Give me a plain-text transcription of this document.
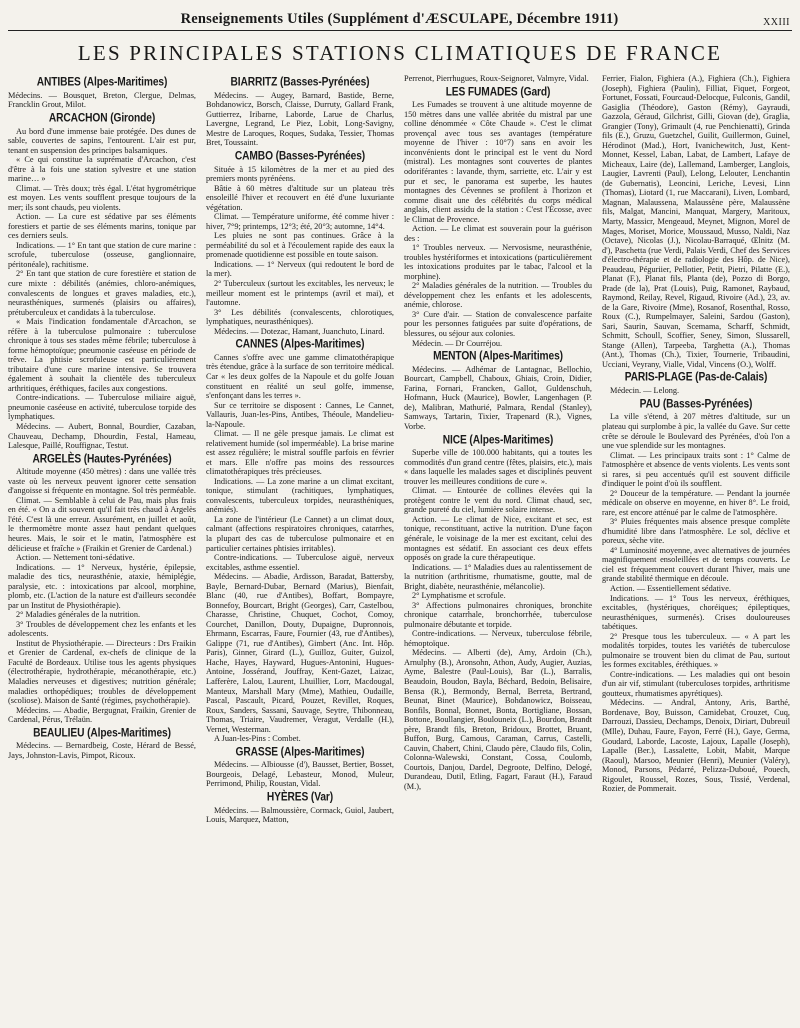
Renseignements Utiles (Supplément d'ÆSCULAPE, Décembre 1911)	XXIII
LES PRINCIPALES STATIONS CLIMATIQUES DE FRANCE
ANTIBES (Alpes-Maritimes)

Médecins. — Bousquet, Breton, Clergue, Delmas, Francklin Grout, Milot.

ARCACHON (Gironde)

Au bord d'une immense baie protégée. Des dunes de sable, couvertes de sapins, l'entourent. L'air est pur, tenant en suspension des principes balsamiques.

« Ce qui constitue la suprématie d'Arcachon, c'est d'être à la fois une station sylvestre et une station marine… »

Climat. — Très doux; très égal. L'état hygrométrique est moyen. Les vents soufflent presque toujours de la mer; ils sont chauds, peu violents.

Action. — La cure est sédative par ses éléments forestiers et partie de ses éléments marins, tonique par ces derniers seuls.

Indications. — 1° En tant que station de cure marine : scrofule, tuberculose (osseuse, ganglionnaire, péritonéale), rachitisme.

2° En tant que station de cure forestière et station de cure mixte : débilités (anémies, chloro-anémiques, convalescents de longues et graves maladies, etc.), neurasthéniques, surmenés (plaisirs ou affaires), prétuberculeux et candidats à la tuberculose.

« Mais l'indication fondamentale d'Arcachon, se réfère à la tuberculose pulmonaire : tuberculose chronique à tous ses stades même fébrile; tuberculose à forme hémoptoïque; pneumonie caséeuse en période de trêve. La phtisie scrofuleuse est particulièrement tributaire d'une cure marine intensive. Se trouvera également à souhait la clientèle des tuberculeux arthritiques, éréthiques, faciles aux congestions.

Contre-indications. — Tuberculose miliaire aiguë, pneumonie caséeuse en activité, tuberculose torpide des lymphatiques.

Médecins. — Aubert, Bonnal, Bourdier, Cazaban, Chauveau, Dechamp, Dhourdin, Festal, Hameau, Lalesque, Paillé, Rouffignac, Testut.

ARGELÈS (Hautes-Pyrénées)

Altitude moyenne (450 mètres) : dans une vallée très vaste où les nerveux peuvent ignorer cette sensation d'angoisse si fréquente en montagne. Sol très perméable.

Climat. — Semblable à celui de Pau, mais plus frais en été. « On a dit souvent qu'il fait très chaud à Argelès l'été. C'est là une erreur. Assurément, en juillet et août, le thermomètre monte assez haut pendant quelques heures. Mais, le soir et le matin, l'atmosphère est délicieuse et fraîche » (Fraikin et Grenier de Cardenal.)

Action. — Nettement toni-sédative.

Indications. — 1° Nerveux, hystérie, épilepsie, maladie des tics, neurasthénie, ataxie, hémiplégie, paralysie, etc. : intoxications par alcool, morphine, plomb, etc. (L'action de la nature est d'ailleurs secondée par un Institut de Physiothérapie).

2° Maladies générales de la nutrition.

3° Troubles de développement chez les enfants et les adolescents.

Institut de Physiothérapie. — Directeurs : Drs Fraikin et Grenier de Cardenal, ex-chefs de clinique de la Faculté de Bordeaux. Utilise tous les agents physiques (électrothérapie, hydrothérapie, mécanothérapie, etc.) Maladies nerveuses et digestives; nutrition générale; maladies orthopédiques; troubles de développement (scoliose). Maison de Santé (régimes, psychothérapie).

Médecins. — Abadie, Bergugnat, Fraikin, Grenier de Cardenal, Pérus, Trélaün.

BEAULIEU (Alpes-Maritimes)

Médecins. — Bernardbeig, Coste, Hérard de Bessé, Jays, Johnston-Lavis, Pimpot, Ricoux.

BIARRITZ (Basses-Pyrénées)

Médecins. — Augey, Barnard, Bastide, Berne, Bohdanowicz, Borsch, Claisse, Durruty, Gallard Frank, Guttierrez, Iribarne, Laborde, Larue de Charlus, Lavergne, Legrand, Le Piez, Lobit, Long-Savigny, Mestre de Laroques, Roques, Sudaka, Tessier, Thomas Bret, Toussaint.

CAMBO (Basses-Pyrénées)

Située à 15 kilomètres de la mer et au pied des premiers monts pyrénéens.

Bâtie à 60 mètres d'altitude sur un plateau très ensoleillé l'hiver et recouvert en été d'une luxuriante végétation.

Climat. — Température uniforme, été comme hiver : hiver, 7°9; printemps, 12°3; été, 20°3; automne, 14°4.

Les pluies ne sont pas continues. Grâce à la perméabilité du sol et à l'écoulement rapide des eaux la promenade quotidienne est possible en toute saison.

Indications. — 1° Nerveux (qui redoutent le bord de la mer).

2° Tuberculeux (surtout les excitables, les nerveux; le meilleur moment est le printemps (avril et mai), et l'automne.

3° Les débilités (convalescents, chlorotiques, lymphatiques, neurasthéniques).

Médecins. — Dotezac, Hamant, Juanchuto, Linard.

CANNES (Alpes-Maritimes)

Cannes s'offre avec une gamme climatothérapique très étendue, grâce à la surface de son territoire médical. Car « les deux golfes de la Napoule et du golfe Jouan constituent en réalité un seul golfe, immense, s'enfonçant dans les terres ».

Sur ce territoire se disposent : Cannes, Le Cannet, Vallauris, Juan-les-Pins, Antibes, Théoule, Mandelieu-la-Napoule.

Climat. — Il ne gèle presque jamais. Le climat est relativement humide (sol imperméable). La brise marine est assez régulière; le mistral souffle parfois en février et mars. Elle n'offre pas moins des ressources climatothérapiques très précieuses.

Indications. — La zone marine a un climat excitant, tonique, stimulant (rachitiques, lymphatiques, convalescents, tuberculeux torpides, neurasthéniques, anémiés).

La zone de l'intérieur (Le Cannet) a un climat doux, calmant (affections respiratoires chroniques, catarrhes, la plupart des cas de tuberculose pulmonaire et en particulier certaines phtisies irritables).

Contre-indications. — Tuberculose aiguë, nerveux excitables, asthme essentiel.

Médecins. — Abadie, Ardisson, Baradat, Battersby, Bayle, Bernard-Dubar, Bernard (Marius), Bienfait, Blanc (40, rue d'Antibes), Boffart, Bompayre, Bonnefoy, Bourcart, Bright (Georges), Carr, Castelbou, Charasse, Christine, Chuquet, Cochot, Comoy, Courchet, Danillon, Douty, Dupaigne, Dupronnois, Ehrmann, Escarras, Faure, Fournier (43, rue d'Antibes), Galippe (71, rue d'Antibes), Gimbert (Anc. Int. Hôp. Paris), Ginner, Girard (L.), Guilloz, Guiter, Guizol, Hache, Hayes, Hayward, Hugues-Antonini, Hugues-Antoine, Jossérand, Jouffray, Kent-Gazet, Laizac, Lafferère, Lalou, Laurent, Lhuillier, Lorr, Macdougal, Manteux, Marshall Mary (Mme), Mathieu, Oudaille, Pascal, Pascault, Picard, Pouzet, Revillet, Roques, Roux, Sanders, Sassani, Sauvage, Seytre, Thibonneau, Thomas, Triaire, Vaudremer, Veragut, Verdalle (H.), Vernet, Westerman.

A Juan-les-Pins : Combet.

GRASSE (Alpes-Maritimes)

Médecins. — Albiousse (d'), Bausset, Bertier, Bosset, Bourgeois, Delagé, Lebasteur, Monod, Muleur, Perrimond, Philip, Roustan, Vidal.

HYÈRES (Var)

Médecins. — Balmoussière, Cormack, Guiol, Jaubert, Louis, Marquez, Matton,

Perrenot, Pierrhugues, Roux-Seignoret, Valmyre, Vidal.

LES FUMADES (Gard)

Les Fumades se trouvent à une altitude moyenne de 150 mètres dans une vallée abritée du mistral par une colline dénommée « Côte Chaude ». C'est le climat provençal avec tous ses avantages (température moyenne de l'hiver : 10°7) sans en avoir les inconvénients dont le principal est le vent du Nord (mistral). Les montagnes sont couvertes de plantes odoriférantes : lavande, thym, sarriette, etc. L'air y est pur et sec, le panorama est superbe, les hautes montagnes des Cévennes se profilent à l'horizon et comme disait une des célébrités du corps médical anglais, client assidu de la station : C'est l'Écosse, avec le Climat de Provence.

Action. — Le climat est souverain pour la guérison des :

1° Troubles nerveux. — Nervosisme, neurasthénie, troubles hystériformes et intoxications (particulièrement les intoxications produites par le tabac, l'alcool et la morphine).

2° Maladies générales de la nutrition. — Troubles du développement chez les enfants et les adolescents, anémie, chlorose.

3° Cure d'air. — Station de convalescence parfaite pour les personnes fatiguées par suite d'opérations, de blessures, ou séjour aux colonies.

Médecin. — Dr Courréjou.

MENTON (Alpes-Maritimes)

Médecins. — Adhémar de Lantagnac, Bellochio, Bourcart, Campbell, Chaboux, Ghiais, Croin, Didier, Farina, Fornari, Francken, Gallot, Guldenschuh, Hofmann, Huck (Maurice), Bowler, Langenhagen (P. de), Malibran, Mathurié, Palmara, Rendal (Stanley), Samways, Tartarin, Tixier, Trapenard (R.), Vignes, Vorbe.

NICE (Alpes-Maritimes)

Superbe ville de 100.000 habitants, qui a toutes les commodités d'un grand centre (fêtes, plaisirs, etc.), mais « dans laquelle les malades sages et disciplinés peuvent trouver les meilleures conditions de cure ».

Climat. — Entourée de collines élevées qui la protègent contre le vent du nord. Climat chaud, sec, grande pureté du ciel, lumière solaire intense.

Action. — Le climat de Nice, excitant et sec, est tonique, reconstituant, active la nutrition. D'une façon générale, le voisinage de la mer est excitant, celui des montagnes est sédatif. En associant ces deux effets opposés on grade la cure thérapeutique.

Indications. — 1° Maladies dues au ralentissement de la nutrition (arthritisme, rhumatisme, goutte, mal de Bright, diabète, neurasthénie, mélancolie).

2° Lymphatisme et scrofule.

3° Affections pulmonaires chroniques, bronchite chronique catarrhale, bronchorrhée, tuberculose pulmonaire débutante et torpide.

Contre-indications. — Nerveux, tuberculose fébrile, hémoptoïque.

Médecins. — Alberti (de), Amy, Ardoin (Ch.), Arnulphy (B.), Aronsohn, Athon, Audy, Augier, Auzias, Ayme, Balestre (Paul-Louis), Bar (L.), Barralis, Beaudoin, Boudon, Bayla, Béchard, Bedoin, Belisaire, Bensa (R.), Bermondy, Bernal, Berreta, Bertrand, Beunat, Binet (Maurice), Bohdanowicz, Boisseau, Bonfils, Bonnal, Bonnet, Bonta, Bortigliane, Bossan, Bottone, Boullangier, Boulouneix (L.), Bourdon, Brandt père, Brandt fils, Breton, Bridoux, Brottet, Bruant, Buffon, Burg, Camous, Caraman, Carrus, Castelli, Cauvin, Chabert, Chini, Claudo père, Claudo fils, Colin, Colonna-Walewski, Constant, Cossa, Coulomb, Courtois, Danjou, Dardel, Degroote, Delfino, Delogé, Durandeau, Dutil, Etling, Fagart, Faraut (H.), Faraud (M.),

Ferrier, Fialon, Fighiera (A.), Fighiera (Ch.), Fighiera (Joseph), Fighiera (Paulin), Filliat, Fiquet, Forgeot, Fortunet, Fossati, Fourcaud-Delocque, Fulconis, Gandil, Gasiglia (Théodore), Gaston (Rémy), Gayraudi, Gazzola, Géraud, Gilchrist, Gilli, Giovan (de), Graglia, Grangier (Tony), Grimault (4, rue Penchienatti), Grinda fils (E.), Gruzu, Guetzchel, Guilit, Guillermon, Guinel, Hérodinot (Mad.), Hort, Ivanichewitch, Just, Kent-Monnet, Kessel, Laban, Labat, de Lambert, Lafaye de Micheaux, Laire (de), Lallemand, Lamberger, Langlois, Laugier, Lavrenti (Paul), Lelong, Lelouter, Lenchantin (de Gubernatis), Leoncini, Leriche, Levesi, Linn (Thomas), Liotard (1, rue Maccarani), Liven, Lombard, Magnan, Malaussena, Malaussène père, Malaussène fils, Malgat, Mancini, Manquat, Margery, Maritoux, Marty, Massicr, Mengeaud, Meynet, Mignon, Morel de Mages, Moriset, Morice, Moussaud, Musso, Naldi, Naz (Octave), Nicolas (J.), Nicolau-Barraqué, Œlnitz (M. d'), Paschetta (rue Verdi, Palais Verdi, Chef des Services d'électro-thérapie et de radiologie des Hôp. de Nice), Peaudeau, Péguriier, Pellotier, Petit, Pietri, Pilatte (E.), Planat (F.), Planat fils, Planta (de), Pozzo di Borgo, Prade (de la), Prat (Louis), Puig, Ramonet, Raybaud, Raymond, Reilay, Revel, Rigaud, Rivoire (Ad.), 23, av. de la Gare, Rivoire (Mme), Rosanof, Rosenthal, Rosso, Roux (C.), Rumpelmayer, Saleini, Sardou (Gaston), Sari, Saurin, Sauvan, Scemama, Scharff, Schmidt, Schmitt, Schoull, Scoffier, Seney, Simon, Slussarell, Stange (Allen), Tarpeeba, Targhetta (A.), Thomas (Ant.), Thomas (Ch.), Tixier, Tournerie, Tribaudini, Ucciani, Veyrany, Vialle, Vidal, Vincens (O.), Wolff.

PARIS-PLAGE (Pas-de-Calais)

Médecin. — Lelong.

PAU (Basses-Pyrénées)

La ville s'étend, à 207 mètres d'altitude, sur un plateau qui surplombe à pic, la vallée du Gave. Sur cette crête se déroule le Boulevard des Pyrénées, d'où l'on a une vue splendide sur les montagnes.

Climat. — Les principaux traits sont : 1° Calme de l'atmosphère et absence de vents violents. Les vents sont si rares, si peu accentués qu'il est souvent difficile d'indiquer le point d'où ils soufflent.

2° Douceur de la température. — Pendant la journée médicale on observe en moyenne, en hiver 8°. Le froid, rare, est encore atténué par le calme de l'atmosphère.

3° Pluies fréquentes mais absence presque complète d'humidité libre dans l'atmosphère. Le sol, déclive et poreux, sèche vite.

4° Luminosité moyenne, avec alternatives de journées magnifiquement ensoleillées et de temps couverts. Le ciel est fréquemment couvert durant l'hiver, mais une grande stabilité thermique en découle.

Action. — Essentiellement sédative.

Indications. — 1° Tous les nerveux, éréthiques, excitables, (hystériques, choréiques; épileptiques, neurasthéniques, surmenés). Crises douloureuses tabétiques.

2° Presque tous les tuberculeux. — « A part les modalités torpides, toutes les variétés de tuberculose pulmonaire se trouvent bien du climat de Pau, surtout les formes excitables, éréthiques. »

Contre-indications. — Les maladies qui ont besoin d'un air vif, stimulant (tuberculoses torpides, arthritisme goutteux, rhumatismes apyrétiques).

Médecins. — Andral, Antony, Aris, Barthé, Bordenave, Boy, Buisson, Camidebat, Crouzet, Cuq, Darrouzi, Dassieu, Dechamps, Denoix, Diriart, Dubreuil (Mlle), Duhau, Faure, Fayon, Ferré (H.), Gaye, Germa, Goudard, Laborde, Lacoste, Lajoux, Lapalle (Joseph), Lapalle (Ber.), Lassalette, Lobit, Mabit, Marque (Raoul), Marsoo, Meunier (Henri), Meunier (Valéry), Monod, Parsons, Pédarré, Pelizza-Duboué, Pouech, Rigoulet, Roussel, Rozes, Sous, Tissié, Verdenal, Rozier, de Pommerait.
